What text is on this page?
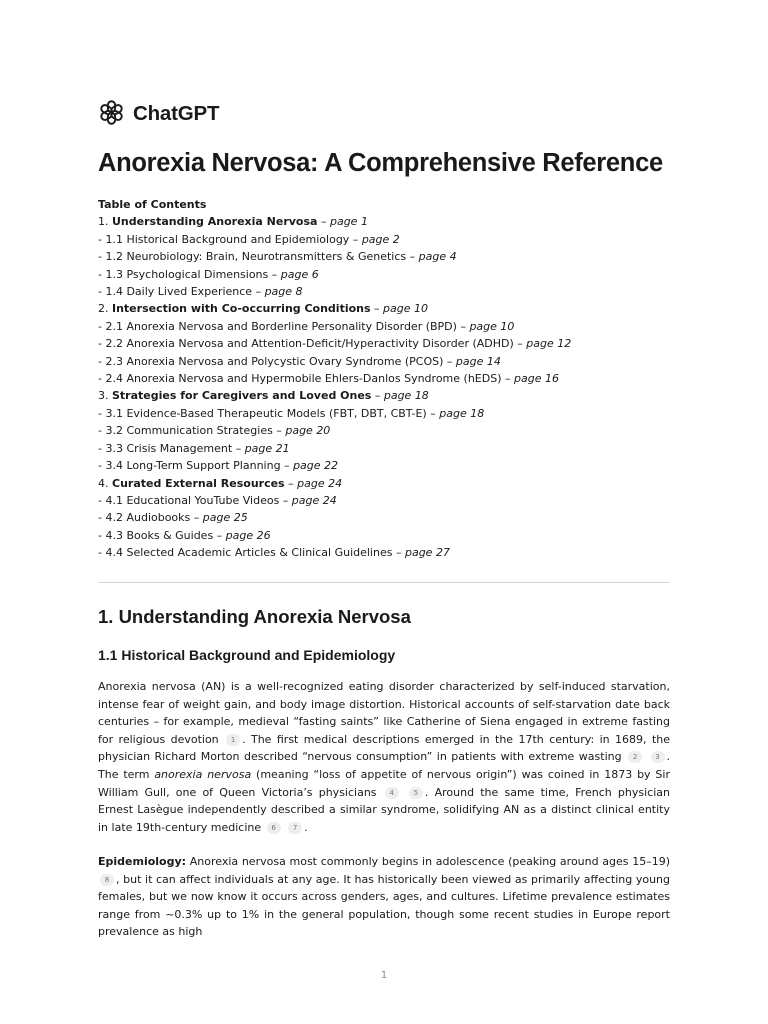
ChatGPT
Anorexia Nervosa: A Comprehensive Reference
Table of Contents
1. Understanding Anorexia Nervosa – page 1
- 1.1 Historical Background and Epidemiology – page 2
- 1.2 Neurobiology: Brain, Neurotransmitters & Genetics – page 4
- 1.3 Psychological Dimensions – page 6
- 1.4 Daily Lived Experience – page 8
2. Intersection with Co-occurring Conditions – page 10
- 2.1 Anorexia Nervosa and Borderline Personality Disorder (BPD) – page 10
- 2.2 Anorexia Nervosa and Attention-Deficit/Hyperactivity Disorder (ADHD) – page 12
- 2.3 Anorexia Nervosa and Polycystic Ovary Syndrome (PCOS) – page 14
- 2.4 Anorexia Nervosa and Hypermobile Ehlers-Danlos Syndrome (hEDS) – page 16
3. Strategies for Caregivers and Loved Ones – page 18
- 3.1 Evidence-Based Therapeutic Models (FBT, DBT, CBT-E) – page 18
- 3.2 Communication Strategies – page 20
- 3.3 Crisis Management – page 21
- 3.4 Long-Term Support Planning – page 22
4. Curated External Resources – page 24
- 4.1 Educational YouTube Videos – page 24
- 4.2 Audiobooks – page 25
- 4.3 Books & Guides – page 26
- 4.4 Selected Academic Articles & Clinical Guidelines – page 27
1. Understanding Anorexia Nervosa
1.1 Historical Background and Epidemiology

Anorexia nervosa (AN) is a well-recognized eating disorder characterized by self-induced starvation, intense fear of weight gain, and body image distortion. Historical accounts of self-starvation date back centuries – for example, medieval “fasting saints” like Catherine of Siena engaged in extreme fasting for religious devotion 1 . The first medical descriptions emerged in the 17th century: in 1689, the physician Richard Morton described “nervous consumption” in patients with extreme wasting 2	3 . The term anorexia nervosa (meaning “loss of appetite of nervous origin”) was coined in 1873 by Sir William Gull, one of Queen Victoria’s physicians 4	5 . Around the same time, French physician Ernest Lasègue independently described a similar syndrome, solidifying AN as a distinct clinical entity in late 19th-century medicine 6 7 .

Epidemiology: Anorexia nervosa most commonly begins in adolescence (peaking around ages 15–19) 8 , but it can affect individuals at any age. It has historically been viewed as primarily affecting young females, but we now know it occurs across genders, ages, and cultures. Lifetime prevalence estimates range from ~0.3% up to 1% in the general population, though some recent studies in Europe report prevalence as high

1
